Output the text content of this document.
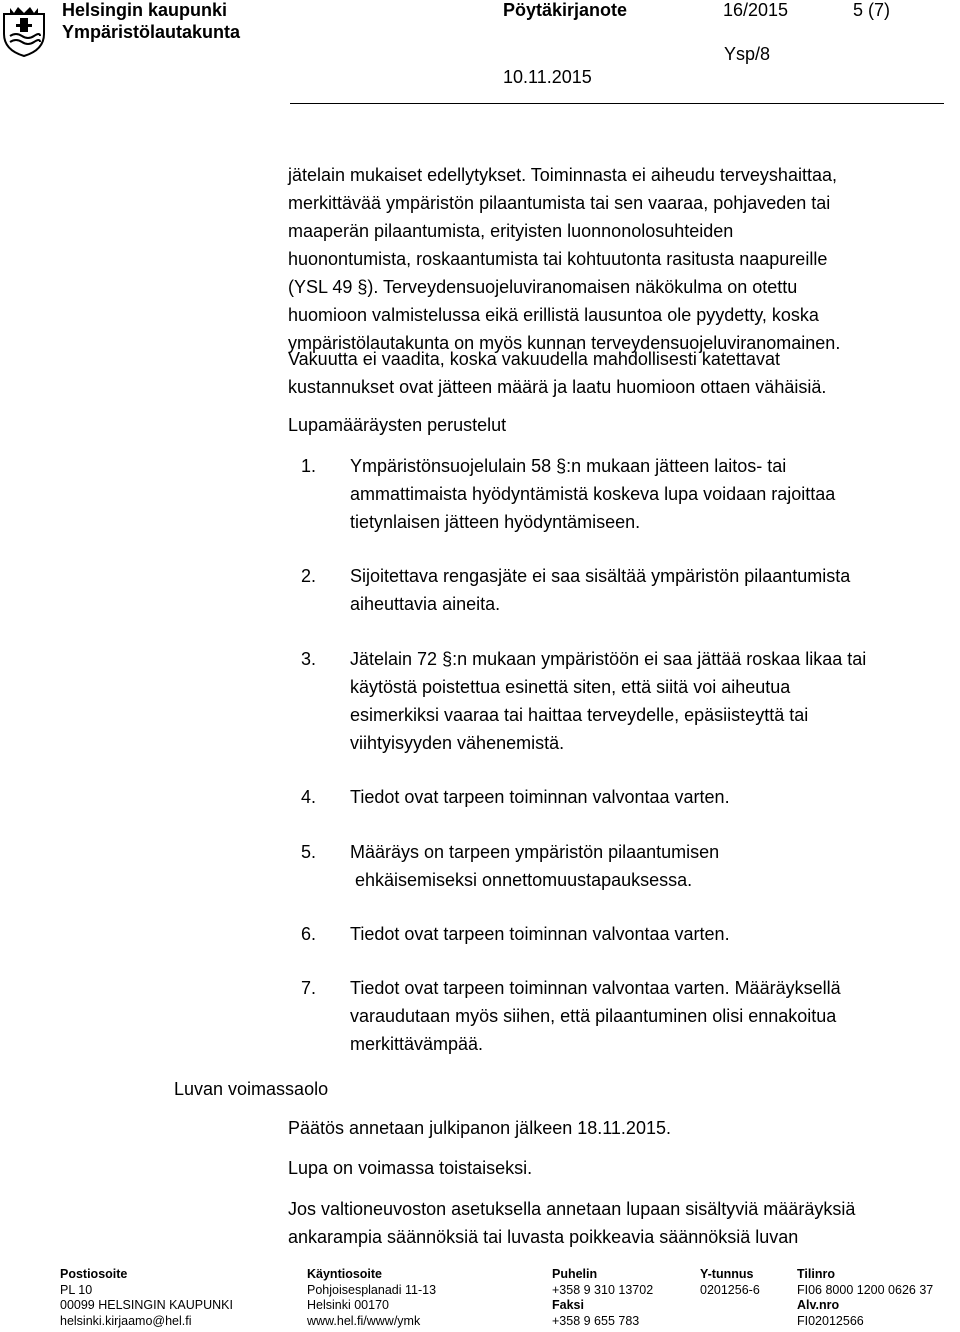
Helsingin kaupunki
Ympäristölautakunta
Pöytäkirjanote	16/2015	5 (7)
Ysp/8
10.11.2015
jätelain mukaiset edellytykset. Toiminnasta ei aiheudu terveyshaittaa,
merkittävää ympäristön pilaantumista tai sen vaaraa, pohjaveden tai
maaperän pilaantumista, erityisten luonnonolosuhteiden
huonontumista, roskaantumista tai kohtuutonta rasitusta naapureille
(YSL 49 §). Terveydensuojeluviranomaisen näkökulma on otettu
huomioon valmistelussa eikä erillistä lausuntoa ole pyydetty, koska
ympäristölautakunta on myös kunnan terveydensuojeluviranomainen.
Vakuutta ei vaadita, koska vakuudella mahdollisesti katettavat
kustannukset ovat jätteen määrä ja laatu huomioon ottaen vähäisiä.
Lupamääräysten perustelut
1. Ympäristönsuojelulain 58 §:n mukaan jätteen laitos- tai
ammattimaista hyödyntämistä koskeva lupa voidaan rajoittaa
tietynlaisen jätteen hyödyntämiseen.
2. Sijoitettava rengasjäte ei saa sisältää ympäristön pilaantumista
aiheuttavia aineita.
3. Jätelain 72 §:n mukaan ympäristöön ei saa jättää roskaa likaa tai
käytöstä poistettua esinettä siten, että siitä voi aiheutua
esimerkiksi vaaraa tai haittaa terveydelle, epäsiisteyttä tai
viihtyisyyden vähenemistä.
4. Tiedot ovat tarpeen toiminnan valvontaa varten.
5. Määräys on tarpeen ympäristön pilaantumisen
ehkäisemiseksi onnettomuustapauksessa.
6. Tiedot ovat tarpeen toiminnan valvontaa varten.
7. Tiedot ovat tarpeen toiminnan valvontaa varten. Määräyksellä
varaudutaan myös siihen, että pilaantuminen olisi ennakoitua
merkittävämpää.
Luvan voimassaolo
Päätös annetaan julkipanon jälkeen 18.11.2015.
Lupa on voimassa toistaiseksi.
Jos valtioneuvoston asetuksella annetaan lupaan sisältyviä määräyksiä
ankarampia säännöksiä tai luvasta poikkeavia säännöksiä luvan
Postiosoite
PL 10
00099 HELSINGIN KAUPUNKI
helsinki.kirjaamo@hel.fi
Käyntiosoite
Pohjoisesplanadi 11-13
Helsinki 00170
www.hel.fi/www/ymk
Puhelin
+358 9 310 13702
Faksi
+358 9 655 783
Y-tunnus
0201256-6
Tilinro
FI06 8000 1200 0626 37
Alv.nro
FI02012566
